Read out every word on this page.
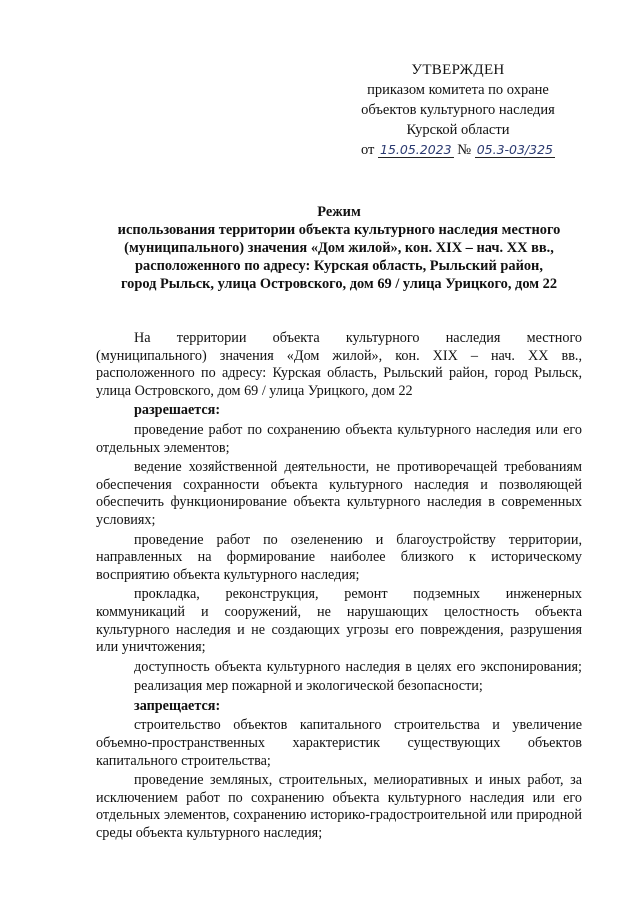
УТВЕРЖДЕН
приказом комитета по охране
объектов культурного наследия
Курской области
от 15.05.2023 № 05.3-03/325
Режим
использования территории объекта культурного наследия местного
(муниципального) значения «Дом жилой», кон. XIX – нач. XX вв.,
расположенного по адресу: Курская область, Рыльский район,
город Рыльск, улица Островского, дом 69 / улица Урицкого, дом 22

На территории объекта культурного наследия местного (муниципального) значения «Дом жилой», кон. XIX – нач. XX вв., расположенного по адресу: Курская область, Рыльский район, город Рыльск, улица Островского, дом 69 / улица Урицкого, дом 22

разрешается:

проведение работ по сохранению объекта культурного наследия или его отдельных элементов;

ведение хозяйственной деятельности, не противоречащей требованиям обеспечения сохранности объекта культурного наследия и позволяющей обеспечить функционирование объекта культурного наследия в современных условиях;

проведение работ по озеленению и благоустройству территории, направленных на формирование наиболее близкого к историческому восприятию объекта культурного наследия;

прокладка, реконструкция, ремонт подземных инженерных коммуникаций и сооружений, не нарушающих целостность объекта культурного наследия и не создающих угрозы его повреждения, разрушения или уничтожения;

доступность объекта культурного наследия в целях его экспонирования;

реализация мер пожарной и экологической безопасности;

запрещается:

строительство объектов капитального строительства и увеличение объемно-пространственных характеристик существующих объектов капитального строительства;

проведение земляных, строительных, мелиоративных и иных работ, за исключением работ по сохранению объекта культурного наследия или его отдельных элементов, сохранению историко-градостроительной или природной среды объекта культурного наследия;
